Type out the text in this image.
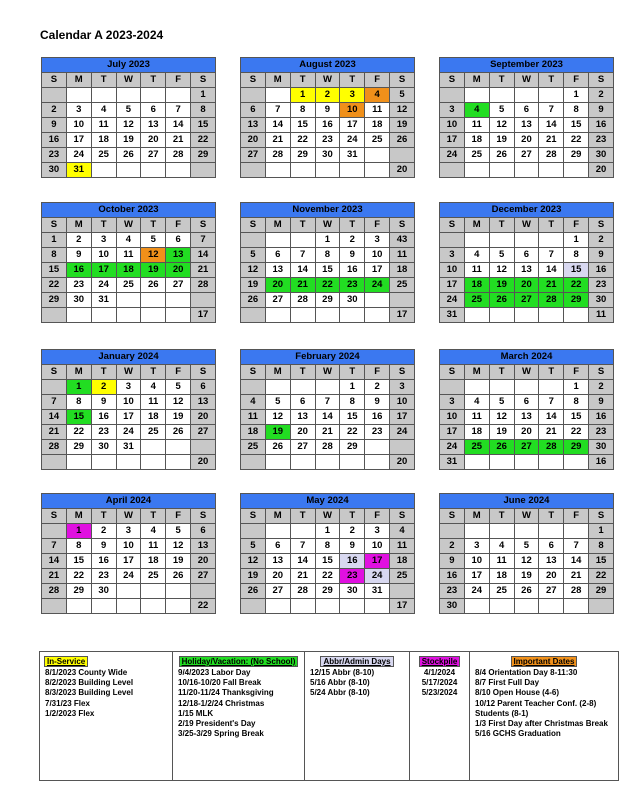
Calendar A 2023-2024
July 2023
S	M	T	W	T	F	S
						1
2	3	4	5	6	7	8
9	10	11	12	13	14	15
16	17	18	19	20	21	22
23	24	25	26	27	28	29
30	31					
August 2023
S	M	T	W	T	F	S
		1	2	3	4	5
6	7	8	9	10	11	12
13	14	15	16	17	18	19
20	21	22	23	24	25	26
27	28	29	30	31		
						20
September 2023
S	M	T	W	T	F	S
					1	2
3	4	5	6	7	8	9
10	11	12	13	14	15	16
17	18	19	20	21	22	23
24	25	26	27	28	29	30
						20
October 2023
S	M	T	W	T	F	S
1	2	3	4	5	6	7
8	9	10	11	12	13	14
15	16	17	18	19	20	21
22	23	24	25	26	27	28
29	30	31				
						17
November 2023
S	M	T	W	T	F	S
			1	2	3	43
5	6	7	8	9	10	11
12	13	14	15	16	17	18
19	20	21	22	23	24	25
26	27	28	29	30		
						17
December 2023
S	M	T	W	T	F	S
					1	2
3	4	5	6	7	8	9
10	11	12	13	14	15	16
17	18	19	20	21	22	23
24	25	26	27	28	29	30
31						11
January 2024
S	M	T	W	T	F	S
	1	2	3	4	5	6
7	8	9	10	11	12	13
14	15	16	17	18	19	20
21	22	23	24	25	26	27
28	29	30	31			
						20
February 2024
S	M	T	W	T	F	S
				1	2	3
4	5	6	7	8	9	10
11	12	13	14	15	16	17
18	19	20	21	22	23	24
25	26	27	28	29		
						20
March 2024
S	M	T	W	T	F	S
					1	2
3	4	5	6	7	8	9
10	11	12	13	14	15	16
17	18	19	20	21	22	23
24	25	26	27	28	29	30
31						16
April 2024
S	M	T	W	T	F	S
	1	2	3	4	5	6
7	8	9	10	11	12	13
14	15	16	17	18	19	20
21	22	23	24	25	26	27
28	29	30				
						22
May 2024
S	M	T	W	T	F	S
			1	2	3	4
5	6	7	8	9	10	11
12	13	14	15	16	17	18
19	20	21	22	23	24	25
26	27	28	29	30	31	
						17
June 2024
S	M	T	W	T	F	S
						1
2	3	4	5	6	7	8
9	10	11	12	13	14	15
16	17	18	19	20	21	22
23	24	25	26	27	28	29
30						
In-Service
8/1/2023 County Wide
8/2/2023 Building Level
8/3/2023 Building Level
7/31/23 Flex
1/2/2023 Flex
Holiday/Vacation: (No School)
9/4/2023 Labor Day
10/16-10/20 Fall Break
11/20-11/24 Thanksgiving
12/18-1/2/24 Christmas
1/15 MLK
2/19 President's Day
3/25-3/29 Spring Break
Abbr/Admin Days
12/15 Abbr (8-10)
5/16 Abbr (8-10)
5/24 Abbr (8-10)
Stockpile
4/1/2024
5/17/2024
5/23/2024
Important Dates
8/4 Orientation Day 8-11:30
8/7 First Full Day
8/10 Open House (4-6)
10/12 Parent Teacher Conf. (2-8)
Students (8-1)
1/3 First Day after Christmas Break
5/16 GCHS Graduation
